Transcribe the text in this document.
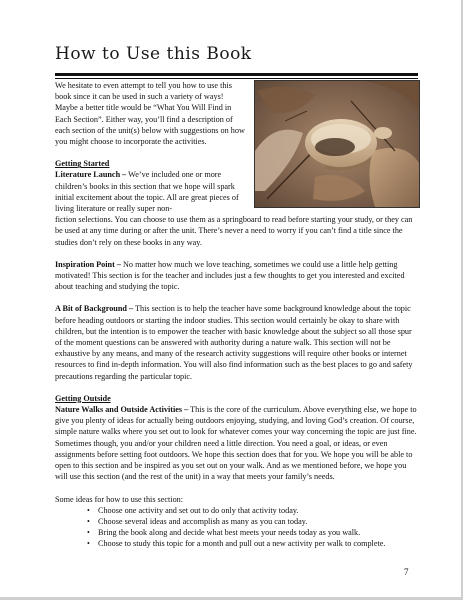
How to Use this Book

We hesitate to even attempt to tell you how to use this book since it can be used in such a variety of ways! Maybe a better title would be “What You Will Find in Each Section”. Either way, you’ll find a description of each section of the unit(s) below with suggestions on how you might choose to incorporate the activities.

Getting Started

Literature Launch – We’ve included one or more children’s books in this section that we hope will spark initial excitement about the topic. All are great pieces of living literature or really super non-

fiction selections. You can choose to use them as a springboard to read before starting your study, or they can be used at any time during or after the unit. There’s never a need to worry if you can’t find a title since the studies don’t rely on these books in any way.

Inspiration Point – No matter how much we love teaching, sometimes we could use a little help getting motivated! This section is for the teacher and includes just a few thoughts to get you interested and excited about teaching and studying the topic.

A Bit of Background – This section is to help the teacher have some background knowledge about the topic before heading outdoors or starting the indoor studies. This section would certainly be okay to share with children, but the intention is to empower the teacher with basic knowledge about the subject so all those spur of the moment questions can be answered with authority during a nature walk. This section will not be exhaustive by any means, and many of the research activity suggestions will require other books or internet resources to find in-depth information. You will also find information such as the best places to go and safety precautions regarding the particular topic.

Getting Outside

Nature Walks and Outside Activities – This is the core of the curriculum. Above everything else, we hope to give you plenty of ideas for actually being outdoors enjoying, studying, and loving God’s creation. Of course, simple nature walks where you set out to look for whatever comes your way concerning the topic are just fine. Sometimes though, you and/or your children need a little direction. You need a goal, or ideas, or even assignments before setting foot outdoors. We hope this section does that for you. We hope you will be able to open to this section and be inspired as you set out on your walk. And as we mentioned before, we hope you will use this section (and the rest of the unit) in a way that meets your family’s needs.

Some ideas for how to use this section:

• Choose one activity and set out to do only that activity today.
• Choose several ideas and accomplish as many as you can today.
• Bring the book along and decide what best meets your needs today as you walk.
• Choose to study this topic for a month and pull out a new activity per walk to complete.
7
